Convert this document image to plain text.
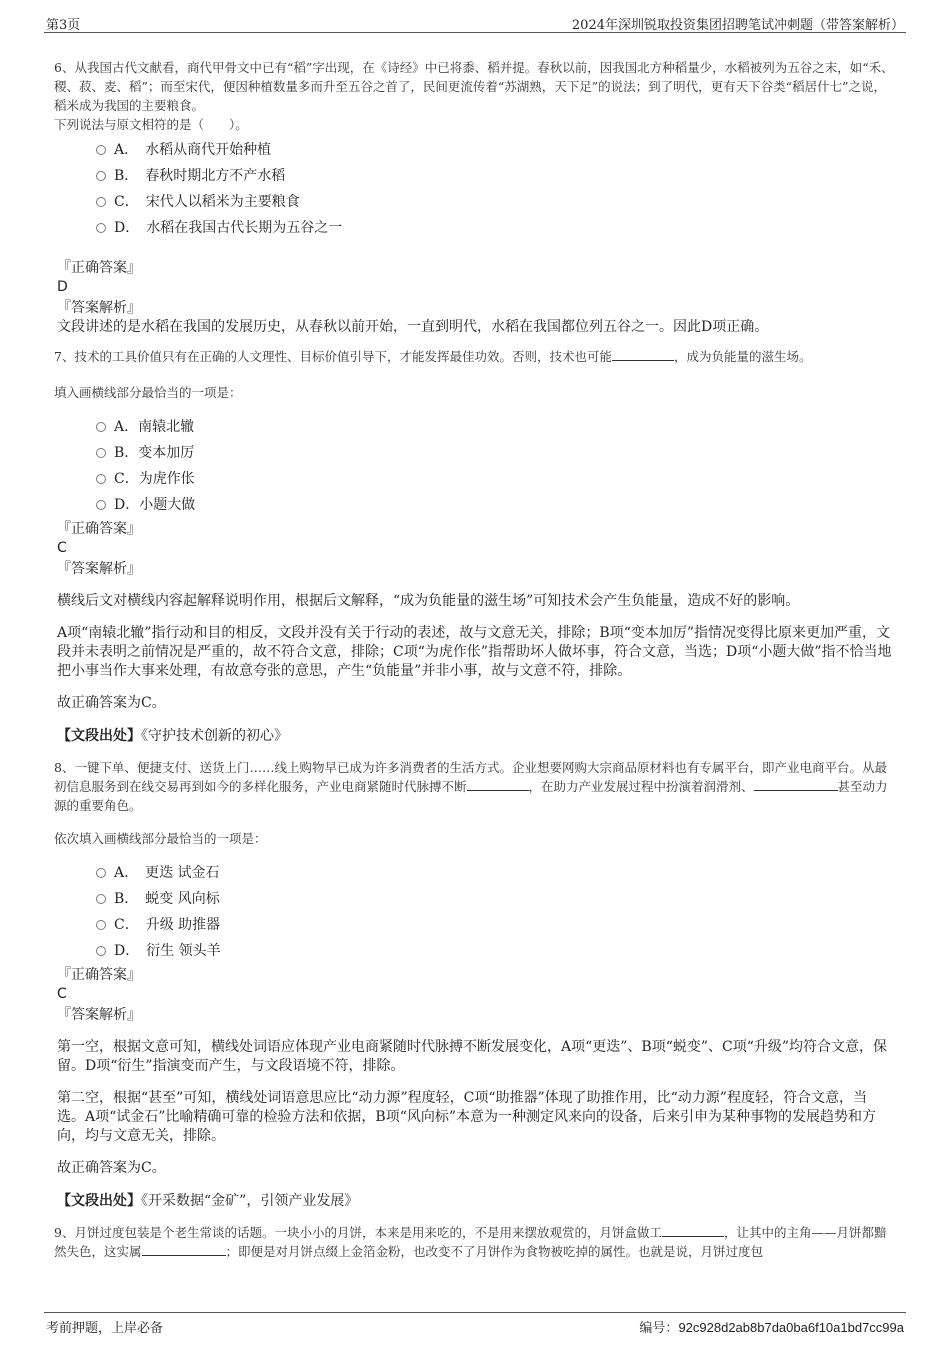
第3页	2024年深圳锐取投资集团招聘笔试冲刺题（带答案解析）

6、从我国古代文献看，商代甲骨文中已有“稻”字出现，在《诗经》中已将黍、稻并提。春秋以前，因我国北方种稻量少，水稻被列为五谷之末，如“禾、稷、菽、麦、稻”；而至宋代，便因种植数量多而升至五谷之首了，民间更流传着“苏湖熟，天下足”的说法；到了明代，更有天下谷类“稻居什七”之说，稻米成为我国的主要粮食。

下列说法与原文相符的是（　　）。

A．　水稻从商代开始种植
B．　春秋时期北方不产水稻
C．　宋代人以稻米为主要粮食
D．　水稻在我国古代长期为五谷之一

『正确答案』

D

『答案解析』

文段讲述的是水稻在我国的发展历史，从春秋以前开始，一直到明代，水稻在我国都位列五谷之一。因此D项正确。

7、技术的工具价值只有在正确的人文理性、目标价值引导下，才能发挥最佳功效。否则，技术也可能	，成为负能量的滋生场。

填入画横线部分最恰当的一项是：

A．南辕北辙
B．变本加厉
C．为虎作伥
D．小题大做

『正确答案』

C

『答案解析』

横线后文对横线内容起解释说明作用，根据后文解释，“成为负能量的滋生场”可知技术会产生负能量，造成不好的影响。

A项“南辕北辙”指行动和目的相反，文段并没有关于行动的表述，故与文意无关，排除；B项“变本加厉”指情况变得比原来更加严重，文段并未表明之前情况是严重的，故不符合文意，排除；C项“为虎作伥”指帮助坏人做坏事，符合文意，当选；D项“小题大做”指不恰当地把小事当作大事来处理，有故意夸张的意思，产生“负能量”并非小事，故与文意不符，排除。

故正确答案为C。

【文段出处】《守护技术创新的初心》

8、一键下单、便捷支付、送货上门……线上购物早已成为许多消费者的生活方式。企业想要网购大宗商品原材料也有专属平台，即产业电商平台。从最初信息服务到在线交易再到如今的多样化服务，产业电商紧随时代脉搏不断	，在助力产业发展过程中扮演着润滑剂、	甚至动力源的重要角色。

依次填入画横线部分最恰当的一项是：

A．　更迭 试金石
B．　蜕变 风向标
C．　升级 助推器
D．　衍生 领头羊

『正确答案』

C

『答案解析』

第一空，根据文意可知，横线处词语应体现产业电商紧随时代脉搏不断发展变化，A项“更迭”、B项“蜕变”、C项“升级”均符合文意，保留。D项“衍生”指演变而产生，与文段语境不符，排除。

第二空，根据“甚至”可知，横线处词语意思应比“动力源”程度轻，C项“助推器”体现了助推作用，比“动力源”程度轻，符合文意，当选。A项“试金石”比喻精确可靠的检验方法和依据，B项“风向标”本意为一种测定风来向的设备，后来引申为某种事物的发展趋势和方向，均与文意无关，排除。

故正确答案为C。

【文段出处】《开采数据“金矿”，引领产业发展》

9、月饼过度包装是个老生常谈的话题。一块小小的月饼，本来是用来吃的，不是用来摆放观赏的，月饼盒做工	，让其中的主角——月饼都黯然失色，这实属	；即便是对月饼点缀上金箔金粉，也改变不了月饼作为食物被吃掉的属性。也就是说，月饼过度包

考前押题，上岸必备	编号：92c928d2ab8b7da0ba6f10a1bd7cc99a
